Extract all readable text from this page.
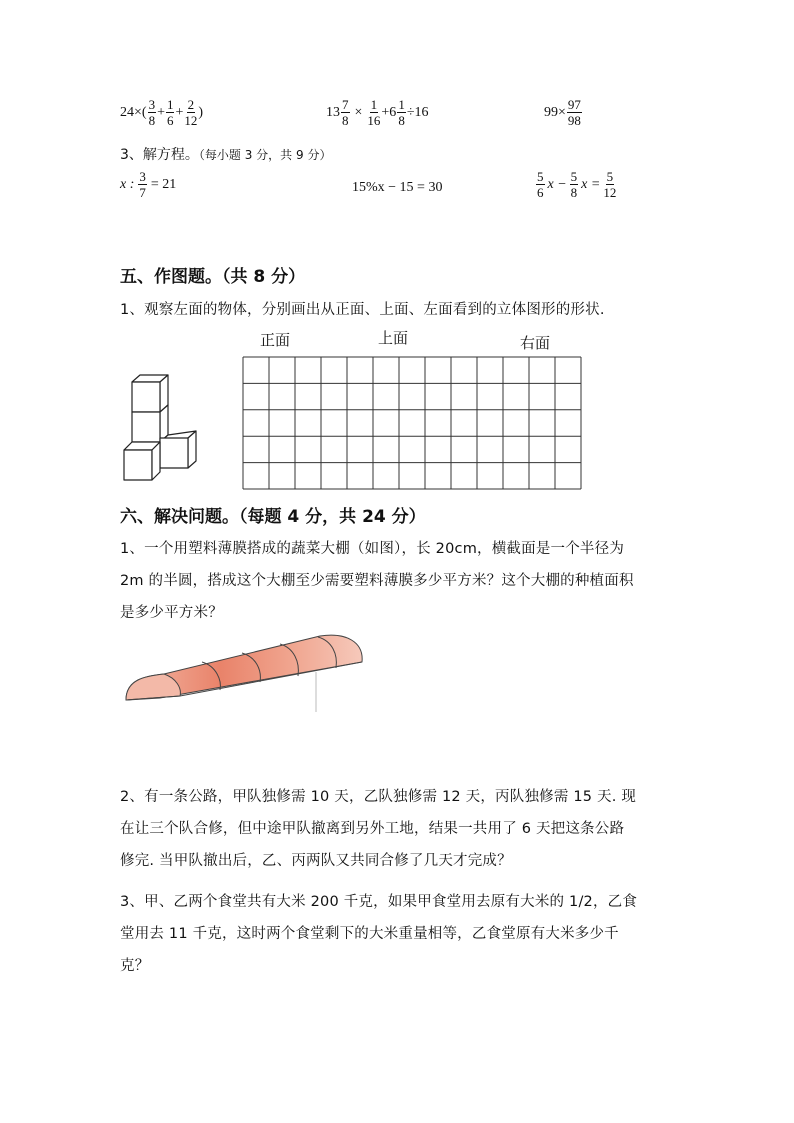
$24\times( \frac{3}{8} + \frac{1}{6} + \frac{2}{12}$ )	$13 \frac{7}{8} \times \frac{1}{16} +6 \frac{1}{8} \div 16$	$99\times \frac{97}{98}$
3、解方程。（每小题 3 分，共 9 分）
x : $\frac{3}{7} = 21$	15%x − 15 = 30	$\frac{5}{6}$ $x - \frac{5}{8}$ $x = \frac{5}{12}$
五、作图题。（共 8 分）
1、观察左面的物体，分别画出从正面、上面、左面看到的立体图形的形状.
正面	上面	右面
六、解决问题。（每题 4 分，共 24 分）
1、一个用塑料薄膜搭成的蔬菜大棚（如图），长 20cm，横截面是一个半径为
2m 的半圆，搭成这个大棚至少需要塑料薄膜多少平方米？这个大棚的种植面积
是多少平方米？
2、有一条公路，甲队独修需 10 天，乙队独修需 12 天，丙队独修需 15 天. 现
在让三个队合修，但中途甲队撤离到另外工地，结果一共用了 6 天把这条公路
修完. 当甲队撤出后，乙、丙两队又共同合修了几天才完成？
3、甲、乙两个食堂共有大米 200 千克，如果甲食堂用去原有大米的 1/2，乙食
堂用去 11 千克，这时两个食堂剩下的大米重量相等，乙食堂原有大米多少千
克？
